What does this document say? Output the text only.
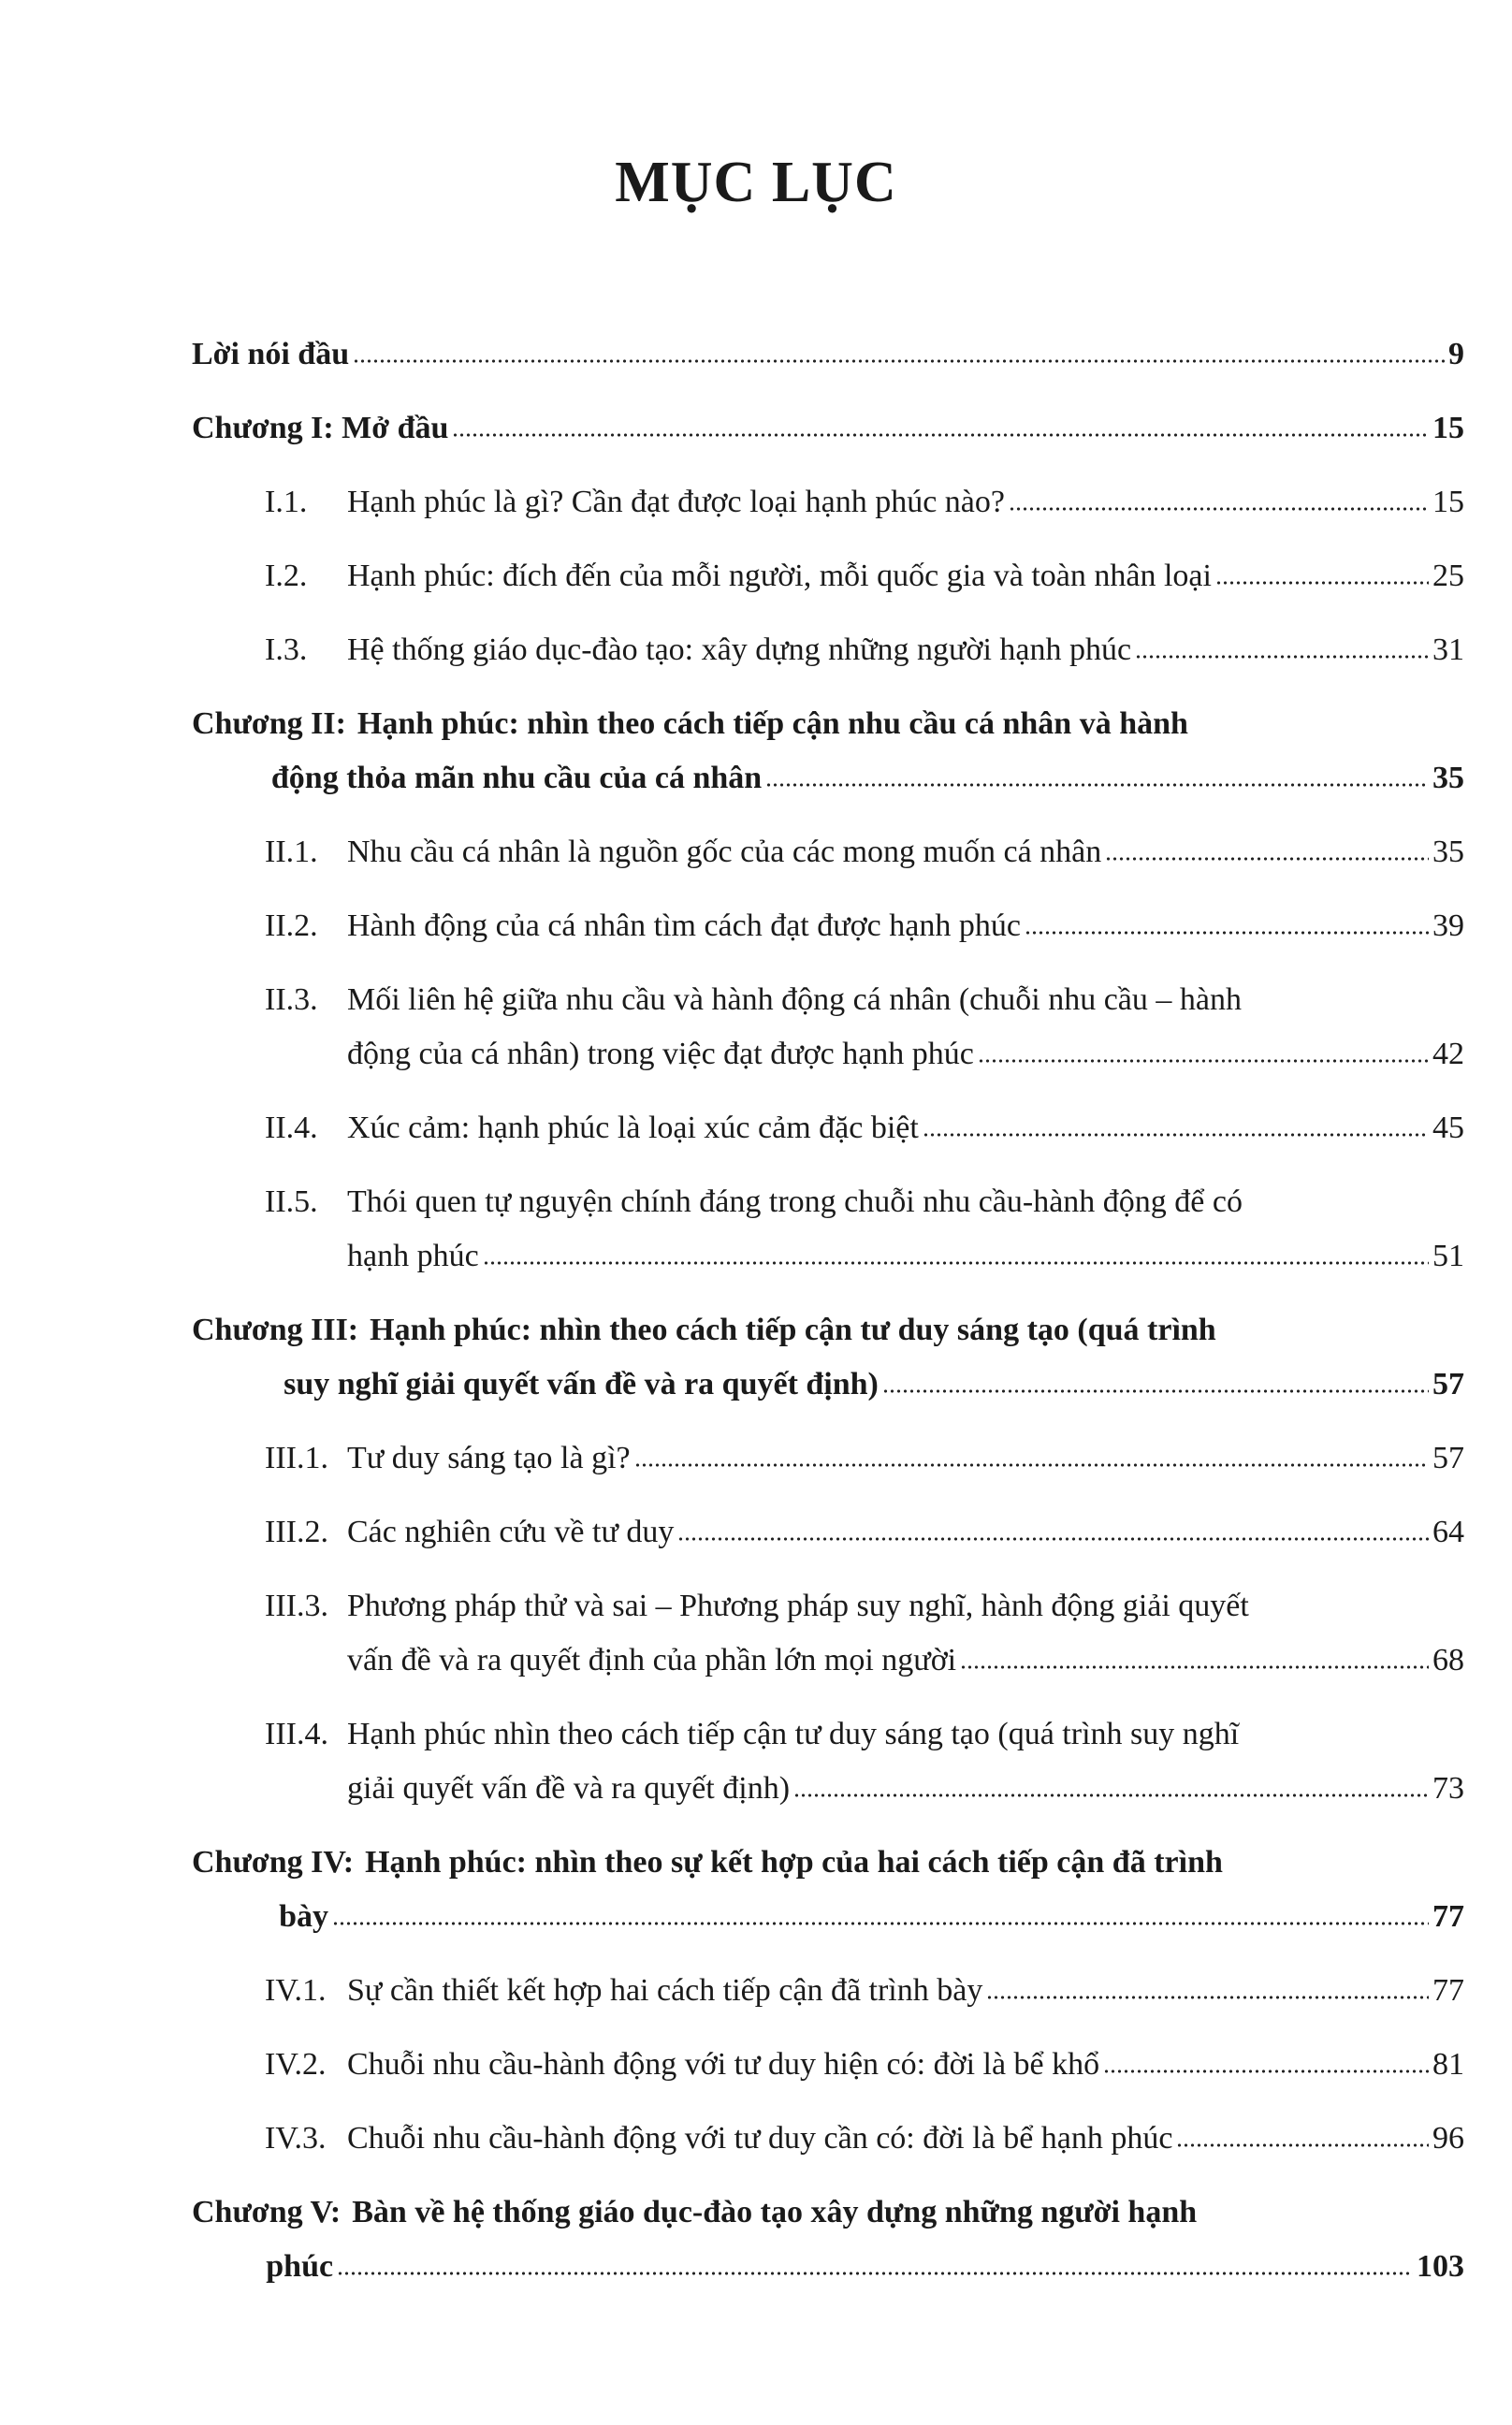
MỤC LỤC
Lời nói đầu	9
Chương I: Mở đầu	15
I.1.	Hạnh phúc là gì? Cần đạt được loại hạnh phúc nào?	15
I.2.	Hạnh phúc: đích đến của mỗi người, mỗi quốc gia và toàn nhân loại	25
I.3.	Hệ thống giáo dục-đào tạo: xây dựng những người hạnh phúc	31
Chương II: Hạnh phúc: nhìn theo cách tiếp cận nhu cầu cá nhân và hành
động thỏa mãn nhu cầu của cá nhân	35
II.1. Nhu cầu cá nhân là nguồn gốc của các mong muốn cá nhân	35
II.2. Hành động của cá nhân tìm cách đạt được hạnh phúc	39
II.3. Mối liên hệ giữa nhu cầu và hành động cá nhân (chuỗi nhu cầu – hành
động của cá nhân) trong việc đạt được hạnh phúc	42
II.4. Xúc cảm: hạnh phúc là loại xúc cảm đặc biệt	45
II.5. Thói quen tự nguyện chính đáng trong chuỗi nhu cầu-hành động để có
hạnh phúc	51
Chương III: Hạnh phúc: nhìn theo cách tiếp cận tư duy sáng tạo (quá trình
suy nghĩ giải quyết vấn đề và ra quyết định)	57
III.1. Tư duy sáng tạo là gì?	57
III.2. Các nghiên cứu về tư duy	64
III.3. Phương pháp thử và sai – Phương pháp suy nghĩ, hành động giải quyết
vấn đề và ra quyết định của phần lớn mọi người	68
III.4. Hạnh phúc nhìn theo cách tiếp cận tư duy sáng tạo (quá trình suy nghĩ
giải quyết vấn đề và ra quyết định)	73
Chương IV: Hạnh phúc: nhìn theo sự kết hợp của hai cách tiếp cận đã trình
bày	77
IV.1. Sự cần thiết kết hợp hai cách tiếp cận đã trình bày	77
IV.2. Chuỗi nhu cầu-hành động với tư duy hiện có: đời là bể khổ	81
IV.3. Chuỗi nhu cầu-hành động với tư duy cần có: đời là bể hạnh phúc	96
Chương V: Bàn về hệ thống giáo dục-đào tạo xây dựng những người hạnh
phúc	103
